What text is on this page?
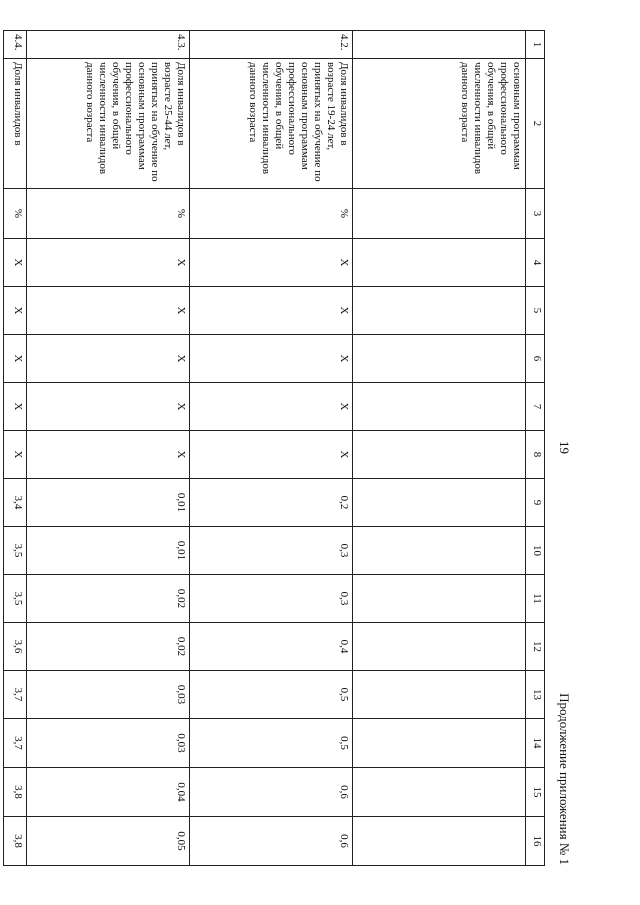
19
Продолжение приложения № 1
1	2	3	4	5	6	7	8	9	10	11	12	13	14	15	16
	основным программам профессионального обучения, в общей численности инвалидов данного возраста														
4.2.	Доля инвалидов в возрасте 19-24 лет, принятых на обучение по основным программам профессионального обучения, в общей численности инвалидов данного возраста	%	X	X	X	X	X	0,2	0,3	0,3	0,4	0,5	0,5	0,6	0,6
4.3.	Доля инвалидов в возрасте 25-44 лет, принятых на обучение по основным программам профессионального обучения, в общей численности инвалидов данного возраста	%	X	X	X	X	X	0,01	0,01	0,02	0,02	0,03	0,03	0,04	0,05
4.4.	Доля инвалидов в	%	X	X	X	X	X	3,4	3,5	3,5	3,6	3,7	3,7	3,8	3,8
